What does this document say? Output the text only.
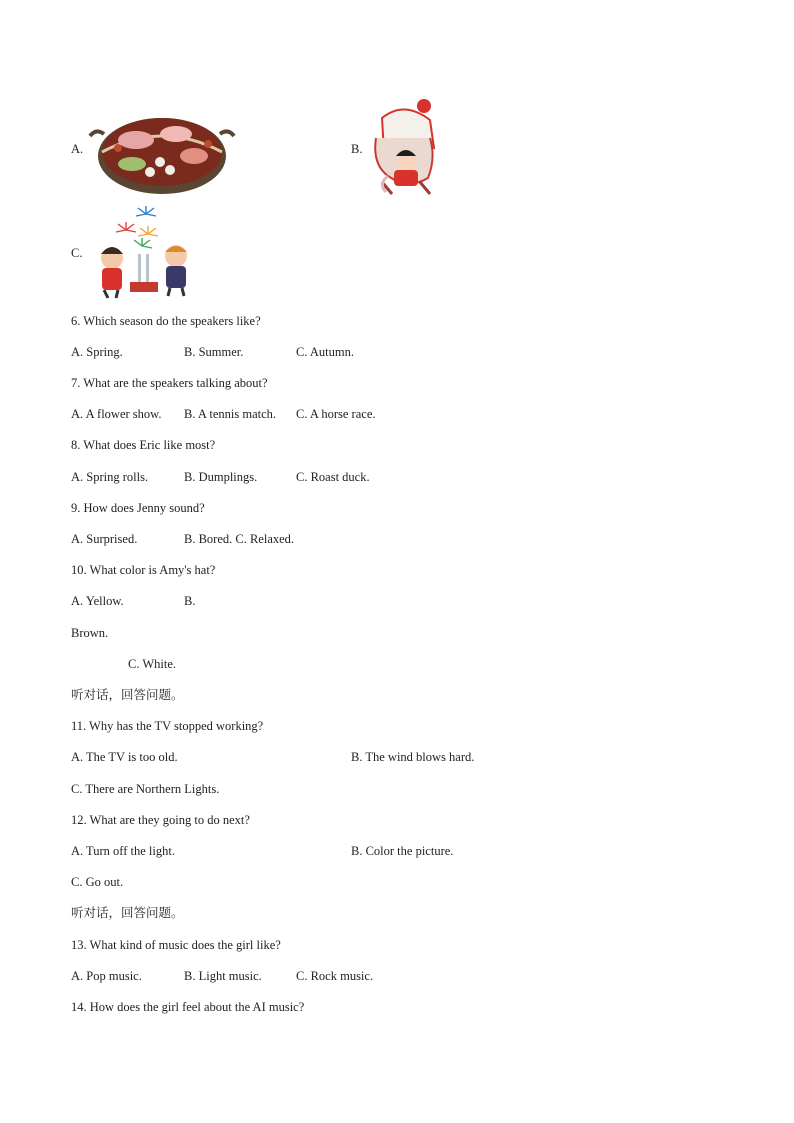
A.	B.
C.
6. Which season do the speakers like?
A. Spring.	B. Summer.	C. Autumn.
7. What are the speakers talking about?
A. A flower show. B. A tennis match. C. A horse race.
8. What does Eric like most?
A. Spring rolls.	B. Dumplings.	C. Roast duck.
9. How does Jenny sound?
A. Surprised.	B. Bored. C. Relaxed.
10. What color is Amy's hat?
A. Yellow.	B.
Brown.
C. White.
听对话，回答问题。
11. Why has the TV stopped working?
A. The TV is too old.	B. The wind blows hard.
C. There are Northern Lights.
12. What are they going to do next?
A. Turn off the light.	B. Color the picture.
C. Go out.
听对话，回答问题。
13. What kind of music does the girl like?
A. Pop music.	B. Light music.	C. Rock music.
14. How does the girl feel about the AI music?
